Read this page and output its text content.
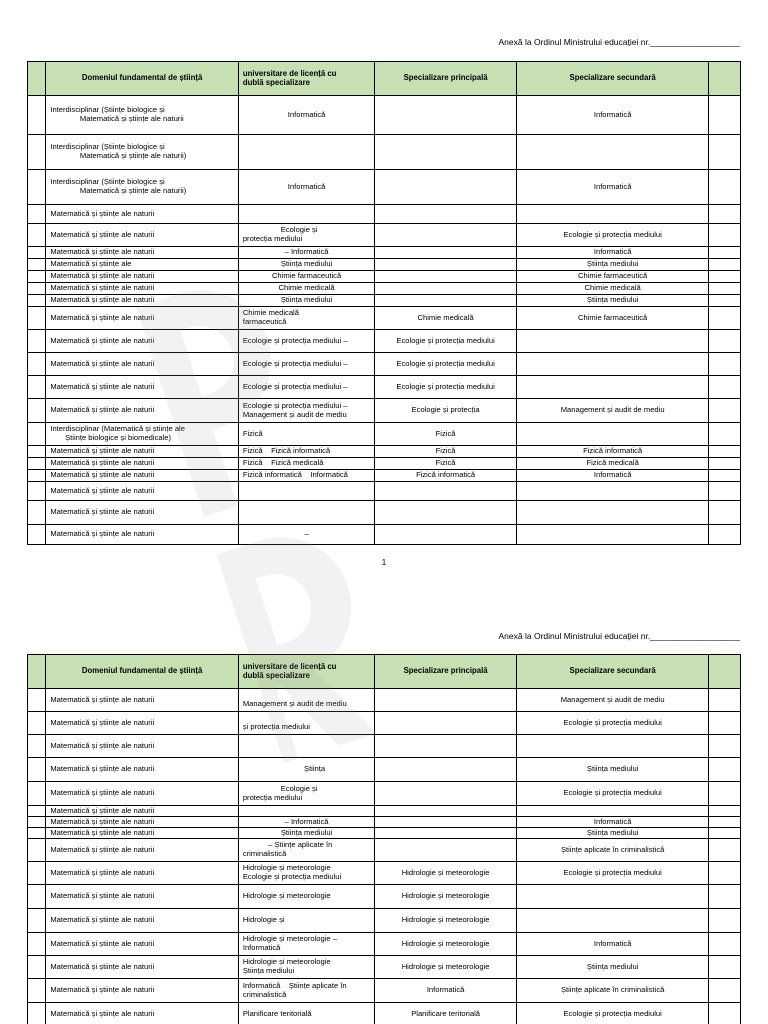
Anexă la Ordinul Ministrului educației nr.___________________
	Domeniul fundamental de știință	universitare de licență cu
dublă specializare	Specializare principală	Specializare secundară	
	Interdisciplinar (Științe biologice și
Matematică și științe ale naturii	Informatică		Informatică	
	Interdisciplinar (Științe biologice și
Matematică și științe ale naturii)				
	Interdisciplinar (Științe biologice și
Matematică și științe ale naturii)	Informatică		Informatică	
	Matematică și științe ale naturii				
	Matematică și științe ale naturii	Ecologie și
protecția mediului		Ecologie și protecția mediului	
	Matematică și științe ale naturii	– Informatică		Informatică	
	Matematică și științe ale	Știința mediului		Știința mediului	
	Matematică și științe ale naturii	Chimie farmaceutică		Chimie farmaceutică	
	Matematică și științe ale naturii	Chimie medicală		Chimie medicală	
	Matematică și științe ale naturii	Știința mediului		Știința mediului	
	Matematică și științe ale naturii	Chimie medicală
farmaceutică	Chimie medicală	Chimie farmaceutică	
	Matematică și științe ale naturii	Ecologie și protecția mediului –	Ecologie și protecția mediului		
	Matematică și științe ale naturii	Ecologie și protecția mediului –	Ecologie și protecția mediului		
	Matematică și științe ale naturii	Ecologie și protecția mediului –	Ecologie și protecția mediului		
	Matematică și științe ale naturii	Ecologie și protecția mediului –
Management și audit de mediu	Ecologie și protecția	Management și audit de mediu	
	Interdisciplinar (Matematică și științe ale
Științe biologice și biomedicale)	Fizică	Fizică		
	Matematică și științe ale naturii	Fizică    Fizică informatică	Fizică	Fizică informatică	
	Matematică și științe ale naturii	Fizică    Fizică medicală	Fizică	Fizică medicală	
	Matematică și științe ale naturii	Fizică informatică    Informatică	Fizică informatică	Informatică	
	Matematică și științe ale naturii				
	Matematică și științe ale naturii				
	Matematică și științe ale naturii	–			
1
Anexă la Ordinul Ministrului educației nr.___________________
	Domeniul fundamental de știință	universitare de licență cu
dublă specializare	Specializare principală	Specializare secundară	
	Matematică și științe ale naturii	
Management și audit de mediu		Management și audit de mediu	
	Matematică și științe ale naturii	
și protecția mediului		Ecologie și protecția mediului	
	Matematică și științe ale naturii				
	Matematică și științe ale naturii	Știința		Știința mediului	
	Matematică și științe ale naturii	Ecologie și
protecția mediului		Ecologie și protecția mediului	
	Matematică și științe ale naturii				
	Matematică și științe ale naturii	– Informatică		Informatică	
	Matematică și științe ale naturii	Știința mediului		Știința mediului	
	Matematică și științe ale naturii	– Științe aplicate în
criminalistică		Științe aplicate în criminalistică	
	Matematică și științe ale naturii	Hidrologie și meteorologie
Ecologie și protecția mediului	Hidrologie și meteorologie	Ecologie și protecția mediului	
	Matematică și științe ale naturii	Hidrologie și meteorologie	Hidrologie și meteorologie		
	Matematică și științe ale naturii	Hidrologie și	Hidrologie și meteorologie		
	Matematică și științe ale naturii	Hidrologie și meteorologie –
Informatică	Hidrologie și meteorologie	Informatică	
	Matematică și științe ale naturii	Hidrologie și meteorologie
Știința mediului	Hidrologie și meteorologie	Știința mediului	
	Matematică și științe ale naturii	Informatică    Științe aplicate în
criminalistică	Informatică	Științe aplicate în criminalistică	
	Matematică și științe ale naturii	Planificare teritorială	Planificare teritorială	Ecologie și protecția mediului	
